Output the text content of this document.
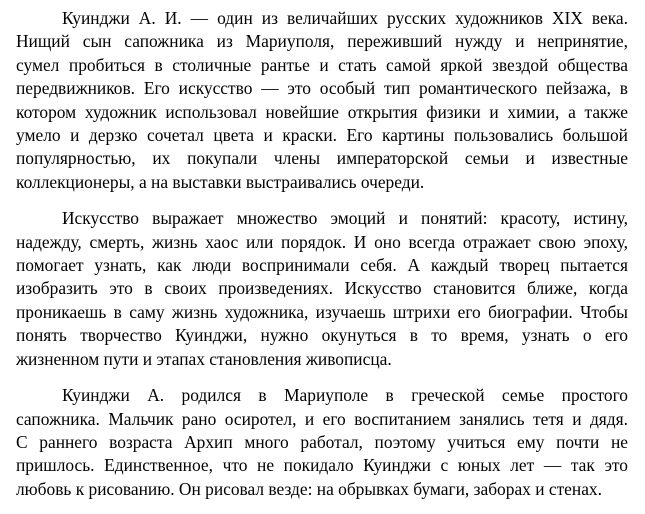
Куинджи А. И. — один из величайших русских художников XIX века.
Нищий сын сапожника из Мариуполя, переживший нужду и непринятие,
сумел пробиться в столичные рантье и стать самой яркой звездой общества
передвижников. Его искусство — это особый тип романтического пейзажа, в
котором художник использовал новейшие открытия физики и химии, а также
умело и дерзко сочетал цвета и краски. Его картины пользовались большой
популярностью, их покупали члены императорской семьи и известные
коллекционеры, а на выставки выстраивались очереди.
Искусство выражает множество эмоций и понятий: красоту, истину,
надежду, смерть, жизнь хаос или порядок. И оно всегда отражает свою эпоху,
помогает узнать, как люди воспринимали себя. А каждый творец пытается
изобразить это в своих произведениях. Искусство становится ближе, когда
проникаешь в саму жизнь художника, изучаешь штрихи его биографии. Чтобы
понять творчество Куинджи, нужно окунуться в то время, узнать о его
жизненном пути и этапах становления живописца.
Куинджи А. родился в Мариуполе в греческой семье простого
сапожника. Мальчик рано осиротел, и его воспитанием занялись тетя и дядя.
С раннего возраста Архип много работал, поэтому учиться ему почти не
пришлось. Единственное, что не покидало Куинджи с юных лет — так это
любовь к рисованию. Он рисовал везде: на обрывках бумаги, заборах и стенах.
